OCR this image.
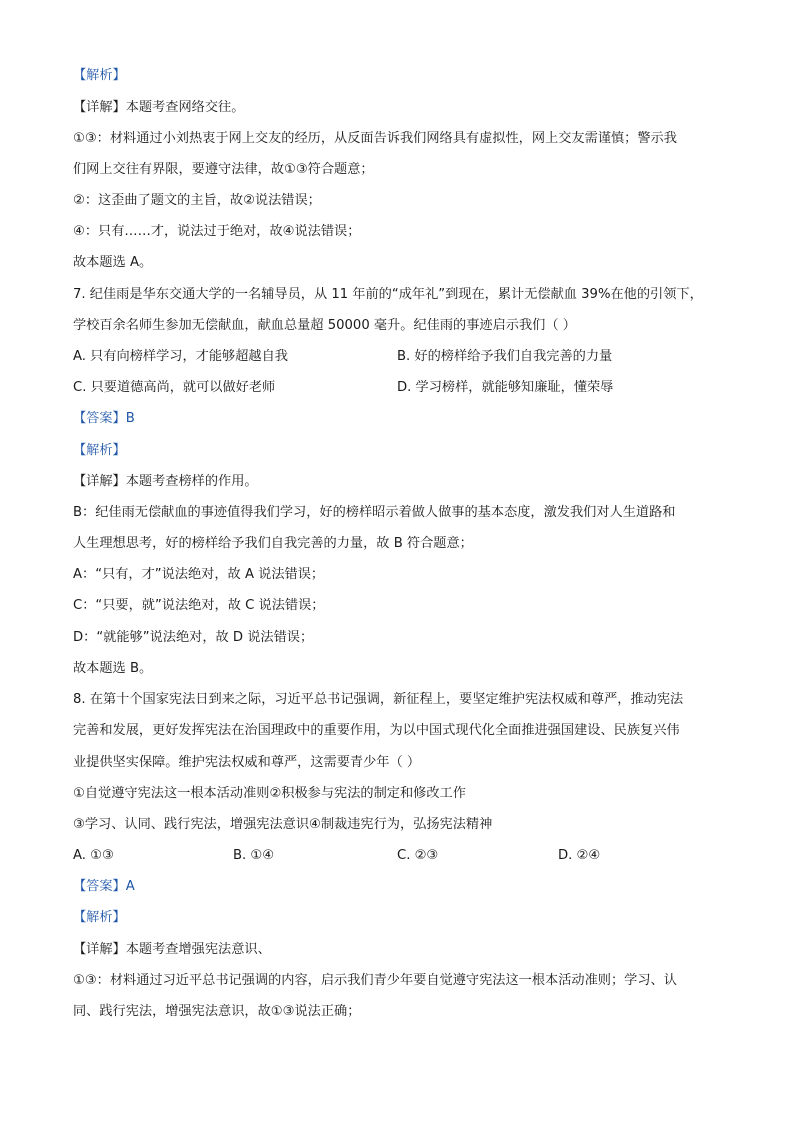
【解析】
【详解】本题考查网络交往。
①③：材料通过小刘热衷于网上交友的经历，从反面告诉我们网络具有虚拟性，网上交友需谨慎；警示我
们网上交往有界限，要遵守法律，故①③符合题意；
②：这歪曲了题文的主旨，故②说法错误；
④：只有……才，说法过于绝对，故④说法错误；
故本题选 A。
7. 纪佳雨是华东交通大学的一名辅导员，从 11 年前的“成年礼”到现在，累计无偿献血 39%在他的引领下，
学校百余名师生参加无偿献血，献血总量超 50000 毫升。纪佳雨的事迹启示我们（ ）
A. 只有向榜样学习，才能够超越自我	B. 好的榜样给予我们自我完善的力量
C. 只要道德高尚，就可以做好老师	D. 学习榜样，就能够知廉耻，懂荣辱
【答案】B
【解析】
【详解】本题考查榜样的作用。
B：纪佳雨无偿献血的事迹值得我们学习，好的榜样昭示着做人做事的基本态度，激发我们对人生道路和
人生理想思考，好的榜样给予我们自我完善的力量，故 B 符合题意；
A：“只有，才”说法绝对，故 A 说法错误；
C：“只要，就”说法绝对，故 C 说法错误；
D：“就能够”说法绝对，故 D 说法错误；
故本题选 B。
8. 在第十个国家宪法日到来之际，习近平总书记强调，新征程上，要坚定维护宪法权威和尊严，推动宪法
完善和发展，更好发挥宪法在治国理政中的重要作用，为以中国式现代化全面推进强国建设、民族复兴伟
业提供坚实保障。维护宪法权威和尊严，这需要青少年（ ）
①自觉遵守宪法这一根本活动准则②积极参与宪法的制定和修改工作
③学习、认同、践行宪法，增强宪法意识④制裁违宪行为，弘扬宪法精神
A. ①③	B. ①④	C. ②③	D. ②④
【答案】A
【解析】
【详解】本题考查增强宪法意识、
①③：材料通过习近平总书记强调的内容，启示我们青少年要自觉遵守宪法这一根本活动准则；学习、认
同、践行宪法，增强宪法意识，故①③说法正确；
